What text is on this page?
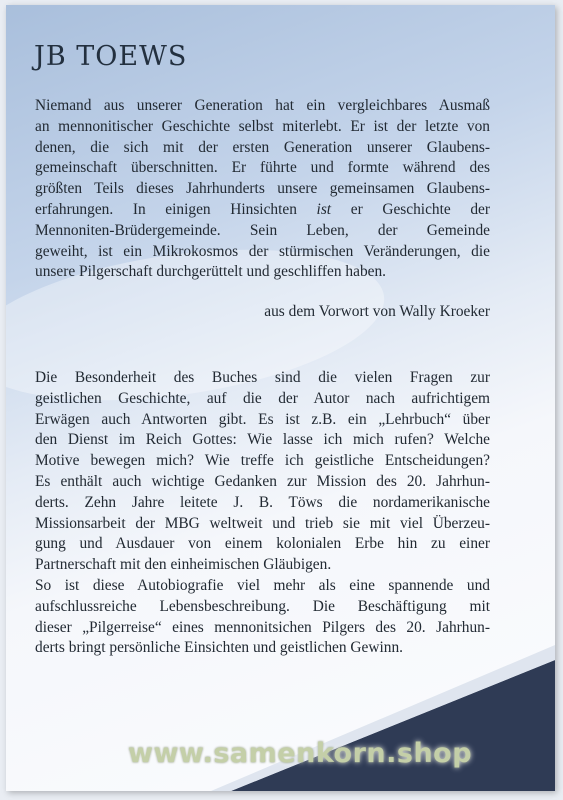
JB TOEWS
Niemand aus unserer Generation hat ein vergleichbares Ausmaß
an mennonitischer Geschichte selbst miterlebt. Er ist der letzte von
denen, die sich mit der ersten Generation unserer Glaubens-
gemeinschaft überschnitten. Er führte und formte während des
größten Teils dieses Jahrhunderts unsere gemeinsamen Glaubens-
erfahrungen. In einigen Hinsichten ist er Geschichte der
Mennoniten-Brüdergemeinde. Sein Leben, der Gemeinde
geweiht, ist ein Mikrokosmos der stürmischen Veränderungen, die
unsere Pilgerschaft durchgerüttelt und geschliffen haben.
aus dem Vorwort von Wally Kroeker
Die Besonderheit des Buches sind die vielen Fragen zur
geistlichen Geschichte, auf die der Autor nach aufrichtigem
Erwägen auch Antworten gibt. Es ist z.B. ein „Lehrbuch“ über
den Dienst im Reich Gottes: Wie lasse ich mich rufen? Welche
Motive bewegen mich? Wie treffe ich geistliche Entscheidungen?
Es enthält auch wichtige Gedanken zur Mission des 20. Jahrhun-
derts. Zehn Jahre leitete J. B. Töws die nordamerikanische
Missionsarbeit der MBG weltweit und trieb sie mit viel Überzeu-
gung und Ausdauer von einem kolonialen Erbe hin zu einer
Partnerschaft mit den einheimischen Gläubigen.
So ist diese Autobiografie viel mehr als eine spannende und
aufschlussreiche Lebensbeschreibung. Die Beschäftigung mit
dieser „Pilgerreise“ eines mennonitsichen Pilgers des 20. Jahrhun-
derts bringt persönliche Einsichten und geistlichen Gewinn.
www.samenkorn.shop
